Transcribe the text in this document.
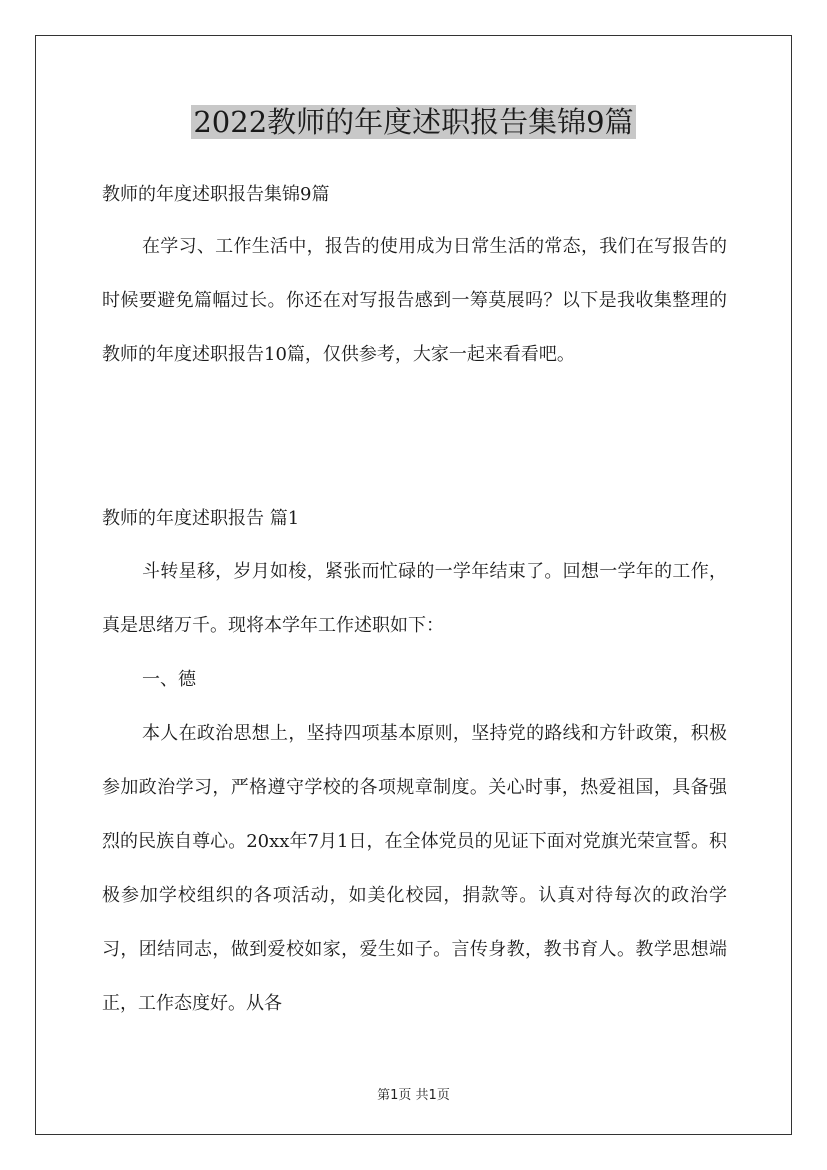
2022教师的年度述职报告集锦9篇

教师的年度述职报告集锦9篇

在学习、工作生活中，报告的使用成为日常生活的常态，我们在写报告的时候要避免篇幅过长。你还在对写报告感到一筹莫展吗？以下是我收集整理的教师的年度述职报告10篇，仅供参考，大家一起来看看吧。

教师的年度述职报告 篇1

斗转星移，岁月如梭，紧张而忙碌的一学年结束了。回想一学年的工作，真是思绪万千。现将本学年工作述职如下：

一、德

本人在政治思想上，坚持四项基本原则，坚持党的路线和方针政策，积极参加政治学习，严格遵守学校的各项规章制度。关心时事，热爱祖国，具备强烈的民族自尊心。20xx年7月1日，在全体党员的见证下面对党旗光荣宣誓。积极参加学校组织的各项活动，如美化校园，捐款等。认真对待每次的政治学习，团结同志，做到爱校如家，爱生如子。言传身教，教书育人。教学思想端正，工作态度好。从各

第1页 共1页
